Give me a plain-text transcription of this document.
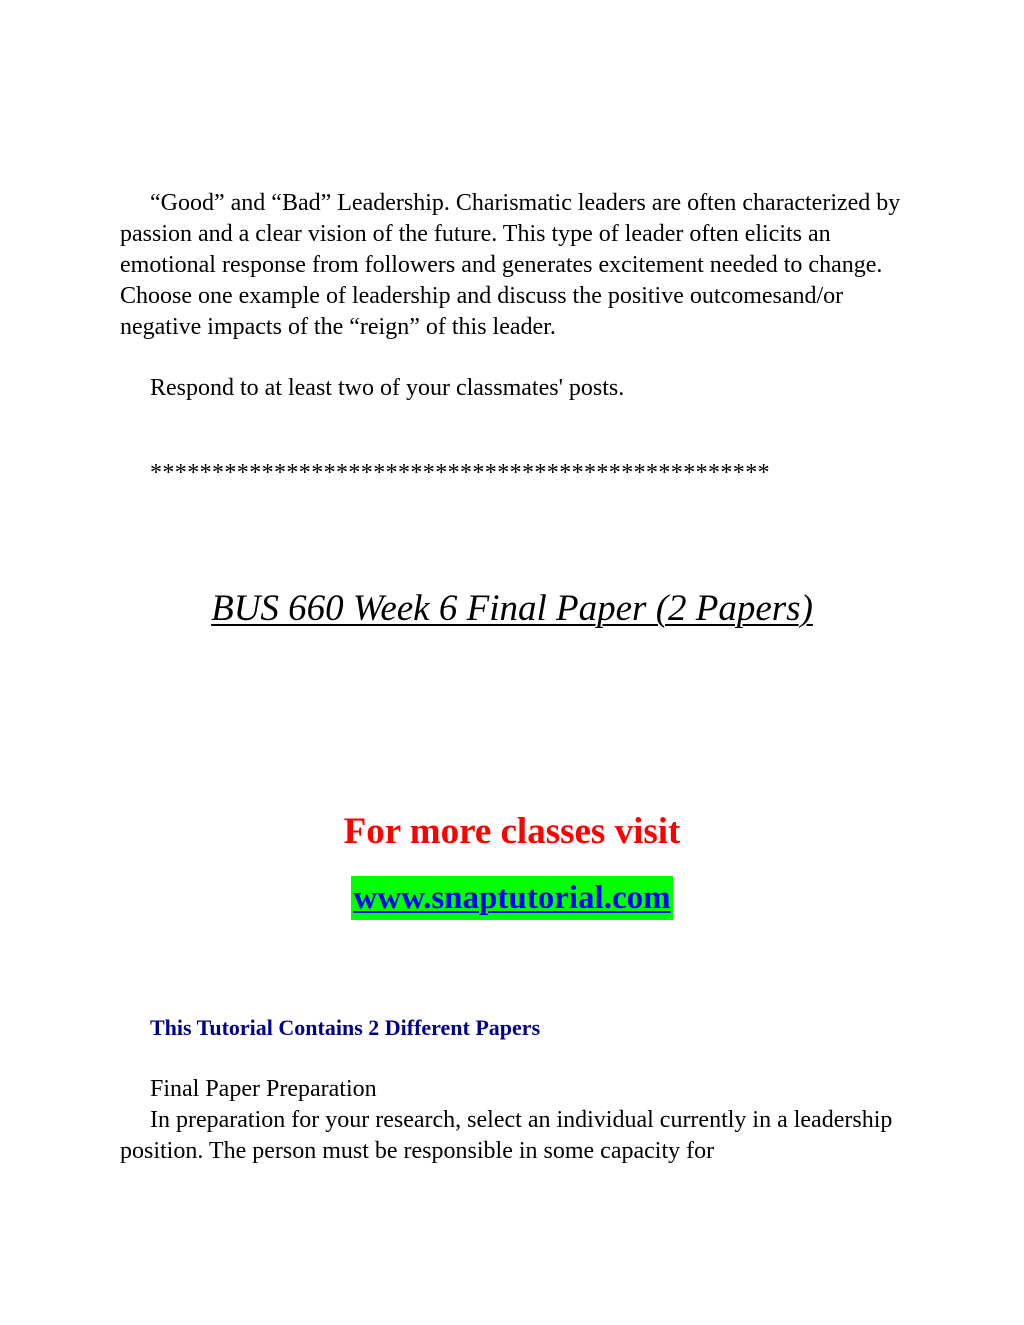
“Good” and “Bad” Leadership. Charismatic leaders are often characterized by passion and a clear vision of the future. This type of leader often elicits an emotional response from followers and generates excitement needed to change. Choose one example of leadership and discuss the positive outcomesand/or negative impacts of the “reign” of this leader.

Respond to at least two of your classmates' posts.

**************************************************
BUS 660 Week 6 Final Paper (2 Papers)
For more classes visit
www.snaptutorial.com
This Tutorial Contains 2 Different Papers

Final Paper Preparation

In preparation for your research, select an individual currently in a leadership position. The person must be responsible in some capacity for
